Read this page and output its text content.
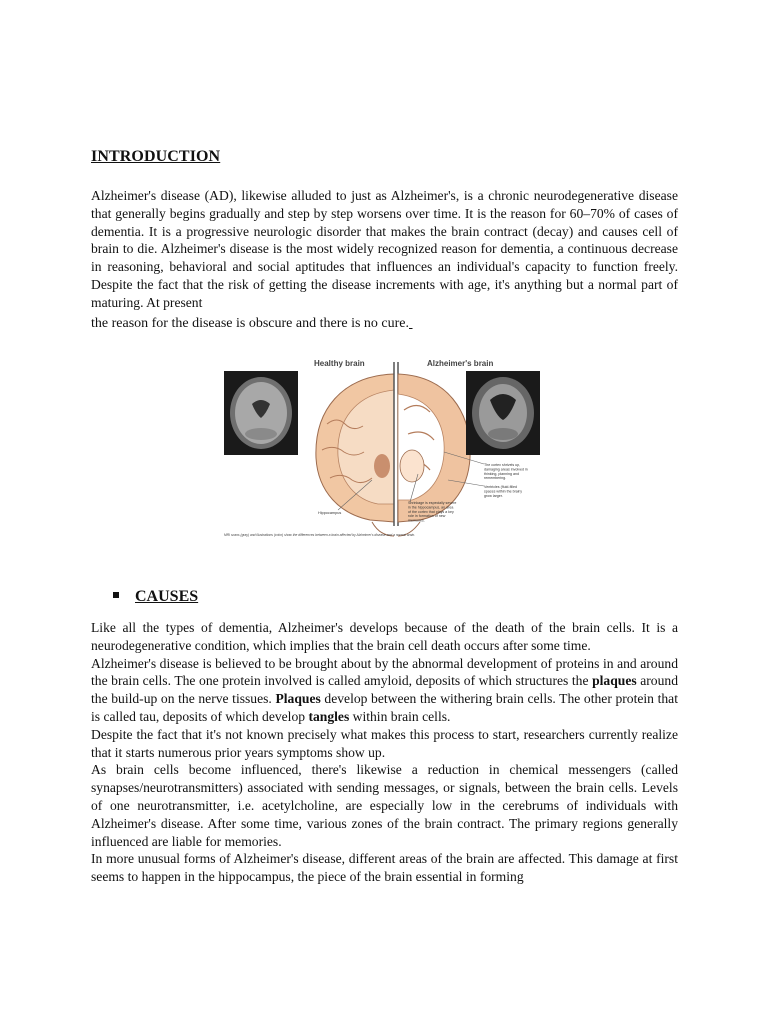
INTRODUCTION

Alzheimer's disease (AD), likewise alluded to just as Alzheimer's, is a chronic neurodegenerative disease that generally begins gradually and step by step worsens over time. It is the reason for 60–70% of cases of dementia. It is a progressive neurologic disorder that makes the brain contract (decay) and causes cell of brain to die. Alzheimer's disease is the most widely recognized reason for dementia, a continuous decrease in reasoning, behavioral and social aptitudes that influences an individual's capacity to function freely. Despite the fact that the risk of getting the disease increments with age, it's anything but a normal part of maturing. At present
the reason for the disease is obscure and there is no cure.

Healthy brain	Alzheimer's brain
The cortex shrivels up, damaging areas involved in thinking, planning and remembering.
Ventricles (fluid-filled spaces within the brain) grow larger.
Shrinkage is especially severe in the hippocampus, an area of the cortex that plays a key role in formation of new memories.
Hippocampus
MRI scans (gray) and illustrations (color) show the differences between a brain affected by Alzheimer's disease and a normal brain.
CAUSES

Like all the types of dementia, Alzheimer's develops because of the death of the brain cells. It is a neurodegenerative condition, which implies that the brain cell death occurs after some time.

Alzheimer's disease is believed to be brought about by the abnormal development of proteins in and around the brain cells. The one protein involved is called amyloid, deposits of which structures the plaques around the build-up on the nerve tissues. Plaques develop between the withering brain cells. The other protein that is called tau, deposits of which develop tangles within brain cells.

Despite the fact that it's not known precisely what makes this process to start, researchers currently realize that it starts numerous prior years symptoms show up.

As brain cells become influenced, there's likewise a reduction in chemical messengers (called synapses/neurotransmitters) associated with sending messages, or signals, between the brain cells. Levels of one neurotransmitter, i.e. acetylcholine, are especially low in the cerebrums of individuals with Alzheimer's disease. After some time, various zones of the brain contract. The primary regions generally influenced are liable for memories.

In more unusual forms of Alzheimer's disease, different areas of the brain are affected. This damage at first seems to happen in the hippocampus, the piece of the brain essential in forming
